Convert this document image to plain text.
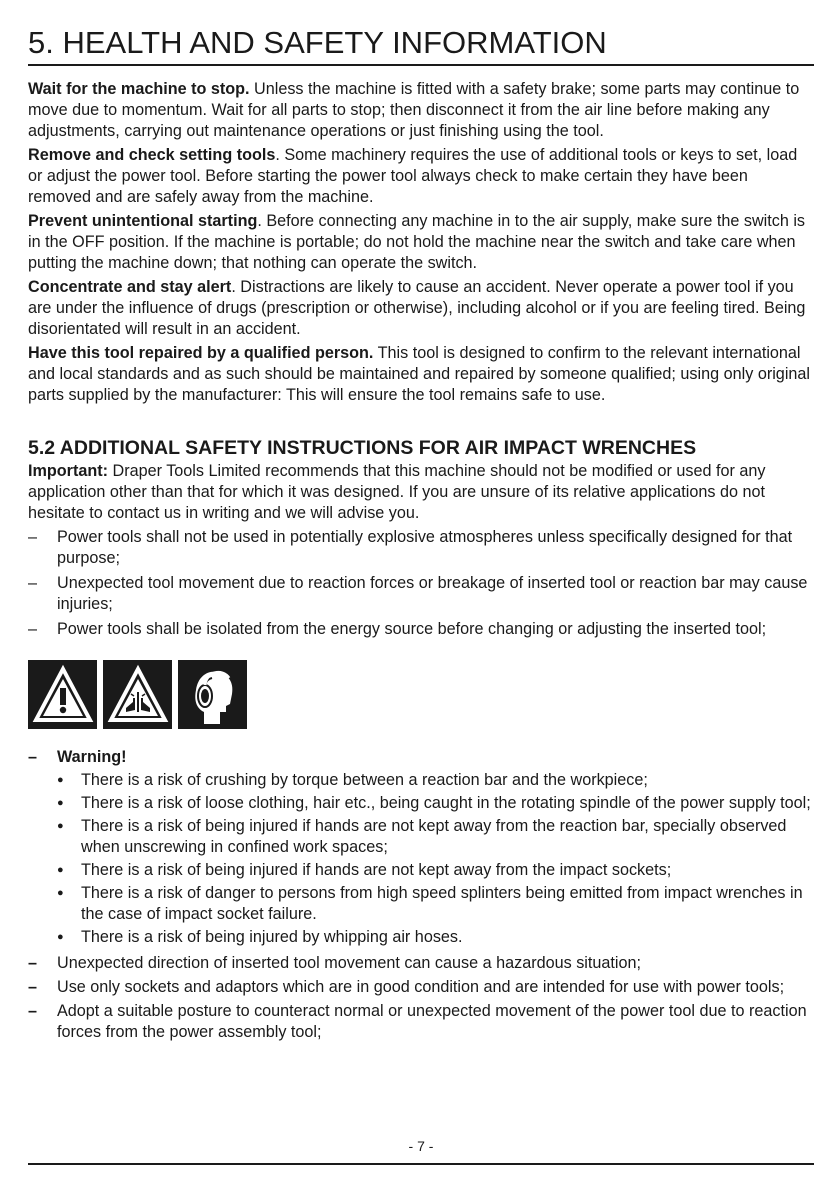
5. HEALTH AND SAFETY INFORMATION

Wait for the machine to stop. Unless the machine is fitted with a safety brake; some parts may continue to move due to momentum. Wait for all parts to stop; then disconnect it from the air line before making any adjustments, carrying out maintenance operations or just finishing using the tool.

Remove and check setting tools. Some machinery requires the use of additional tools or keys to set, load or adjust the power tool. Before starting the power tool always check to make certain they have been removed and are safely away from the machine.

Prevent unintentional starting. Before connecting any machine in to the air supply, make sure the switch is in the OFF position. If the machine is portable; do not hold the machine near the switch and take care when putting the machine down; that nothing can operate the switch.

Concentrate and stay alert. Distractions are likely to cause an accident. Never operate a power tool if you are under the influence of drugs (prescription or otherwise), including alcohol or if you are feeling tired. Being disorientated will result in an accident.

Have this tool repaired by a qualified person. This tool is designed to confirm to the relevant international and local standards and as such should be maintained and repaired by someone qualified; using only original parts supplied by the manufacturer: This will ensure the tool remains safe to use.

5.2 ADDITIONAL SAFETY INSTRUCTIONS FOR AIR IMPACT WRENCHES

Important: Draper Tools Limited recommends that this machine should not be modified or used for any application other than that for which it was designed. If you are unsure of its relative applications do not hesitate to contact us in writing and we will advise you.

– Power tools shall not be used in potentially explosive atmospheres unless specifically designed for that purpose;
– Unexpected tool movement due to reaction forces or breakage of inserted tool or reaction bar may cause injuries;
– Power tools shall be isolated from the energy source before changing or adjusting the inserted tool;
– Warning!
● There is a risk of crushing by torque between a reaction bar and the workpiece;
● There is a risk of loose clothing, hair etc., being caught in the rotating spindle of the power supply tool;
● There is a risk of being injured if hands are not kept away from the reaction bar, specially observed when unscrewing in confined work spaces;
● There is a risk of being injured if hands are not kept away from the impact sockets;
● There is a risk of danger to persons from high speed splinters being emitted from impact wrenches in the case of impact socket failure.
● There is a risk of being injured by whipping air hoses.
– Unexpected direction of inserted tool movement can cause a hazardous situation;
– Use only sockets and adaptors which are in good condition and are intended for use with power tools;
– Adopt a suitable posture to counteract normal or unexpected movement of the power tool due to reaction forces from the power assembly tool;
- 7 -
